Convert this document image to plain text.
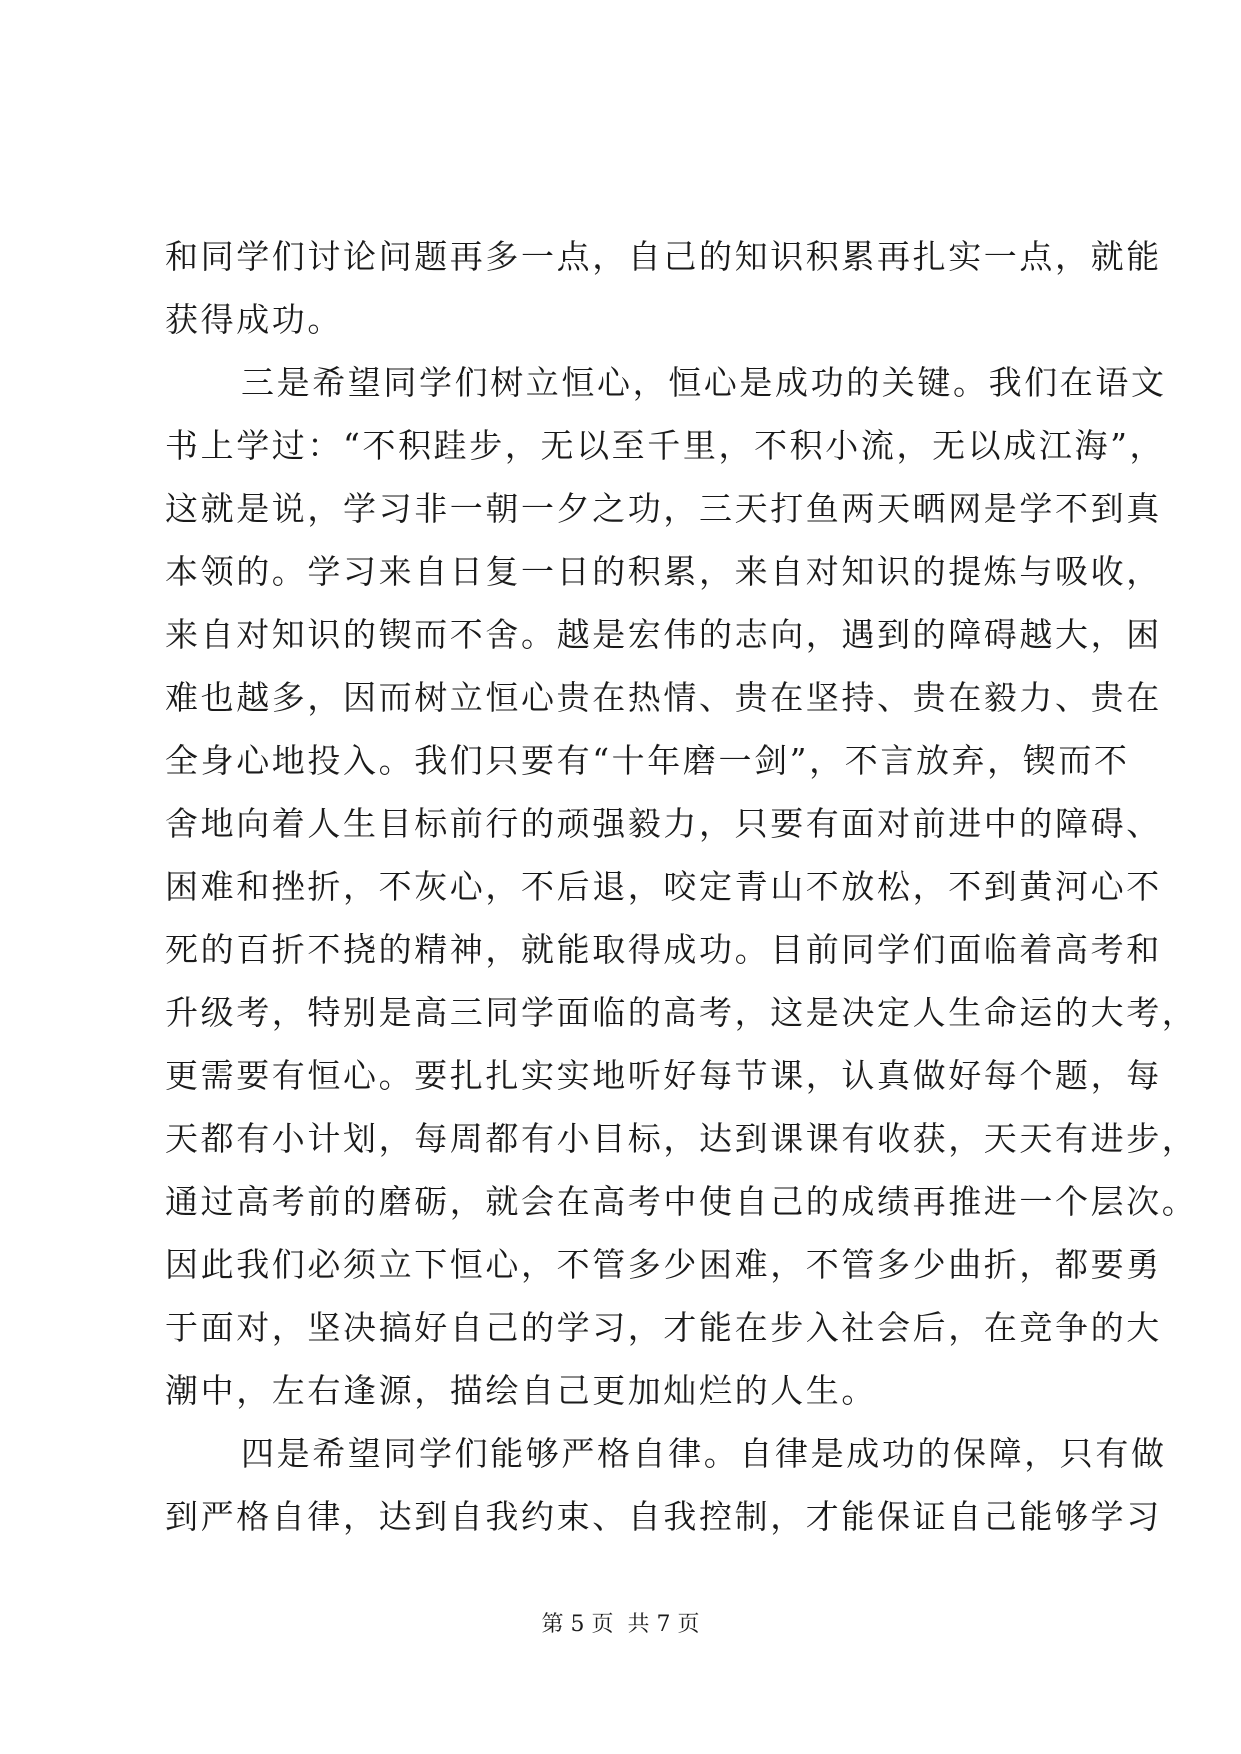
和同学们讨论问题再多一点，自己的知识积累再扎实一点，就能
获得成功。
三是希望同学们树立恒心，恒心是成功的关键。我们在语文
书上学过：“不积跬步，无以至千里，不积小流，无以成江海”，
这就是说，学习非一朝一夕之功，三天打鱼两天晒网是学不到真
本领的。学习来自日复一日的积累，来自对知识的提炼与吸收，
来自对知识的锲而不舍。越是宏伟的志向，遇到的障碍越大，困
难也越多，因而树立恒心贵在热情、贵在坚持、贵在毅力、贵在
全身心地投入。我们只要有“十年磨一剑”，不言放弃，锲而不
舍地向着人生目标前行的顽强毅力，只要有面对前进中的障碍、
困难和挫折，不灰心，不后退，咬定青山不放松，不到黄河心不
死的百折不挠的精神，就能取得成功。目前同学们面临着高考和
升级考，特别是高三同学面临的高考，这是决定人生命运的大考，
更需要有恒心。要扎扎实实地听好每节课，认真做好每个题，每
天都有小计划，每周都有小目标，达到课课有收获，天天有进步，
通过高考前的磨砺，就会在高考中使自己的成绩再推进一个层次。
因此我们必须立下恒心，不管多少困难，不管多少曲折，都要勇
于面对，坚决搞好自己的学习，才能在步入社会后，在竞争的大
潮中，左右逢源，描绘自己更加灿烂的人生。
四是希望同学们能够严格自律。自律是成功的保障，只有做
到严格自律，达到自我约束、自我控制，才能保证自己能够学习
第 5 页 共 7 页
